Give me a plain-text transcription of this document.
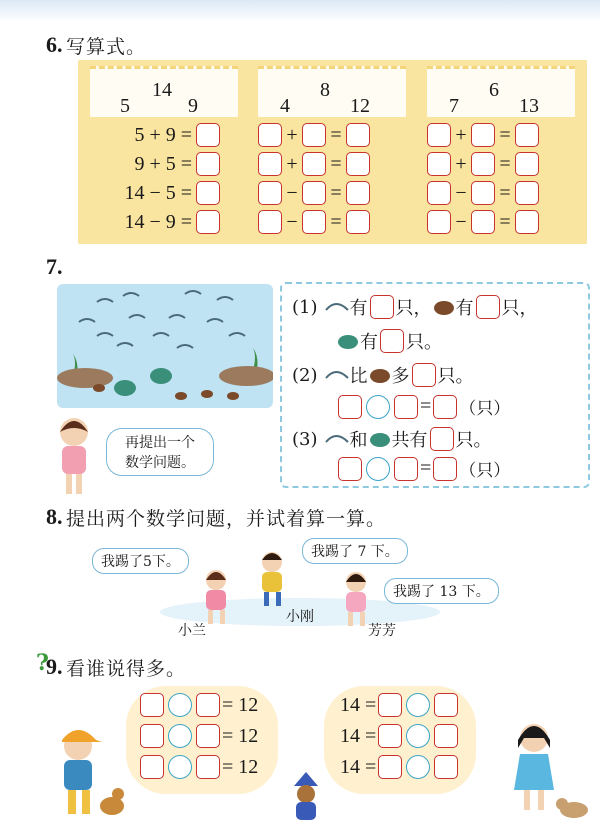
6. 写算式。
5
14
9
5 + 9 =
9 + 5 =
14 − 5 =
14 − 9 =
4
8
12
+ =
+ =
− =
− =
7
6
13
+ =
+ =
− =
− =
7.
(1) 有 只， 有 只，
有 只。
(2) 比 多 只。
= （只）
(3) 和 共有 只。
= （只）
再提出一个
数学问题。
8. 提出两个数学问题，并试着算一算。
我踢了5下。
我踢了 7 下。
我踢了 13 下。
小兰
小刚
芳芳
?
9. 看谁说得多。
= 12
= 12
= 12
14 =
14 =
14 =
